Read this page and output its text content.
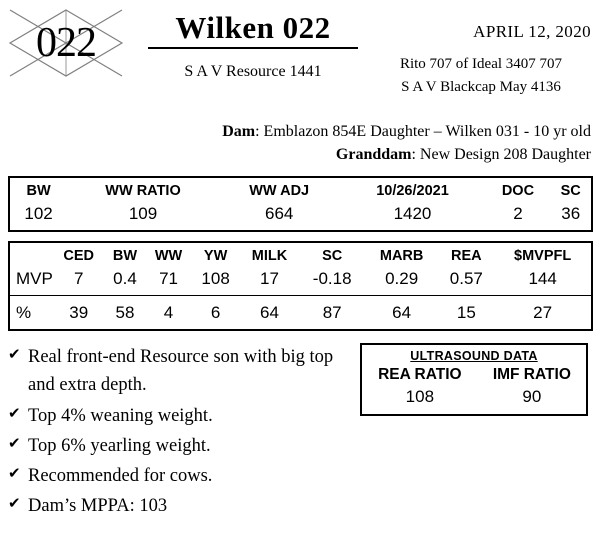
022	Wilken 022
S A V Resource 1441
APRIL 12, 2020
Rito 707 of Ideal 3407 707
S A V Blackcap May 4136
Dam: Emblazon 854E Daughter – Wilken 031 - 10 yr old
Granddam: New Design 208 Daughter
BW	WW RATIO	WW ADJ	10/26/2021	DOC	SC
102	109	664	1420	2	36
	CED	BW	WW	YW	MILK	SC	MARB	REA	$MVPFL
MVP	7	0.4	71	108	17	-0.18	0.29	0.57	144

%	39	58	4	6	64	87	64	15	27
✔ Real front-end Resource son with big top and extra depth.
✔ Top 4% weaning weight.
✔ Top 6% yearling weight.
✔ Recommended for cows.
✔ Dam’s MPPA: 103
ULTRASOUND DATA
REA RATIO	IMF RATIO
108	90
